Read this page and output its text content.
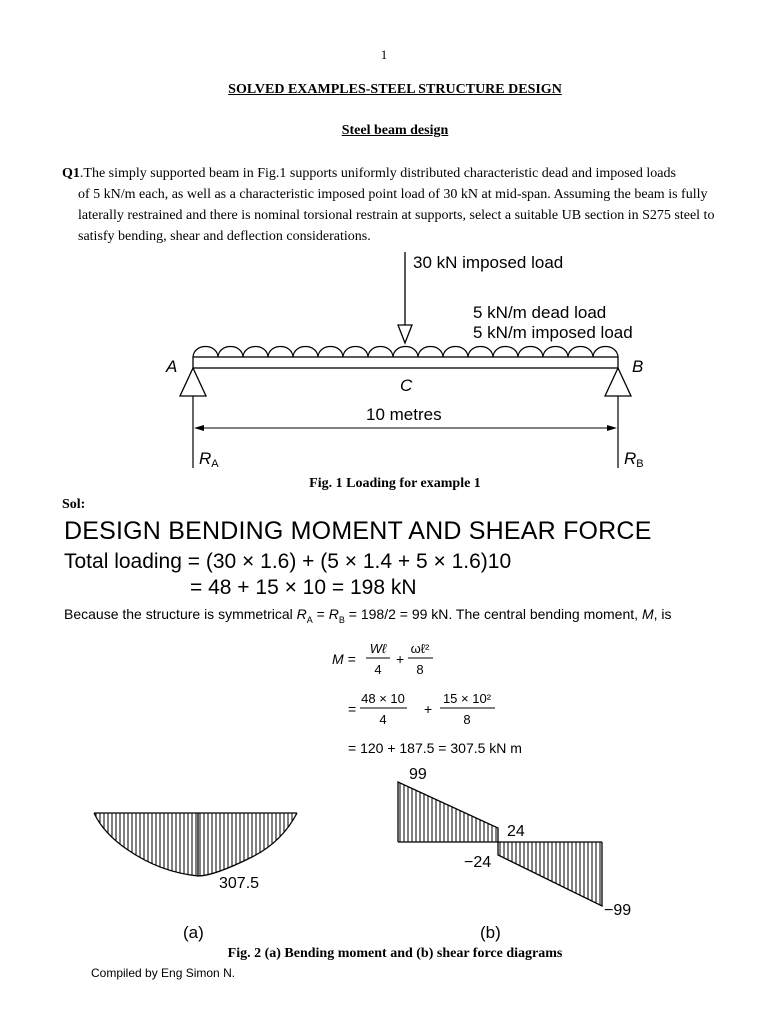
1
SOLVED EXAMPLES-STEEL STRUCTURE DESIGN
Steel beam design
Q1.The simply supported beam in Fig.1 supports uniformly distributed characteristic dead and imposed loads
of 5 kN/m each, as well as a characteristic imposed point load of 30 kN at mid-span. Assuming the beam is fully laterally restrained and there is nominal torsional restrain at supports, select a suitable UB section in S275 steel to satisfy bending, shear and deflection considerations.
30 kN imposed load
5 kN/m dead load
5 kN/m imposed load
A	B
C
10 metres
RA	RB
Fig. 1 Loading for example 1
Sol:
DESIGN BENDING MOMENT AND SHEAR FORCE
Total loading = (30 × 1.6) + (5 × 1.4 + 5 × 1.6)10
= 48 + 15 × 10 = 198 kN
Because the structure is symmetrical $R_A = R_B = 198/2 = 99$ kN. The central bending moment, M, is
M =
Wℓ
4
+
ωℓ²
8
=
48 × 10
4
+
15 × 10²
8
= 120 + 187.5 = 307.5 kN m
307.5
(a)
99
24
−24
−99
(b)
Fig. 2 (a) Bending moment and (b) shear force diagrams
Compiled by Eng Simon N.
